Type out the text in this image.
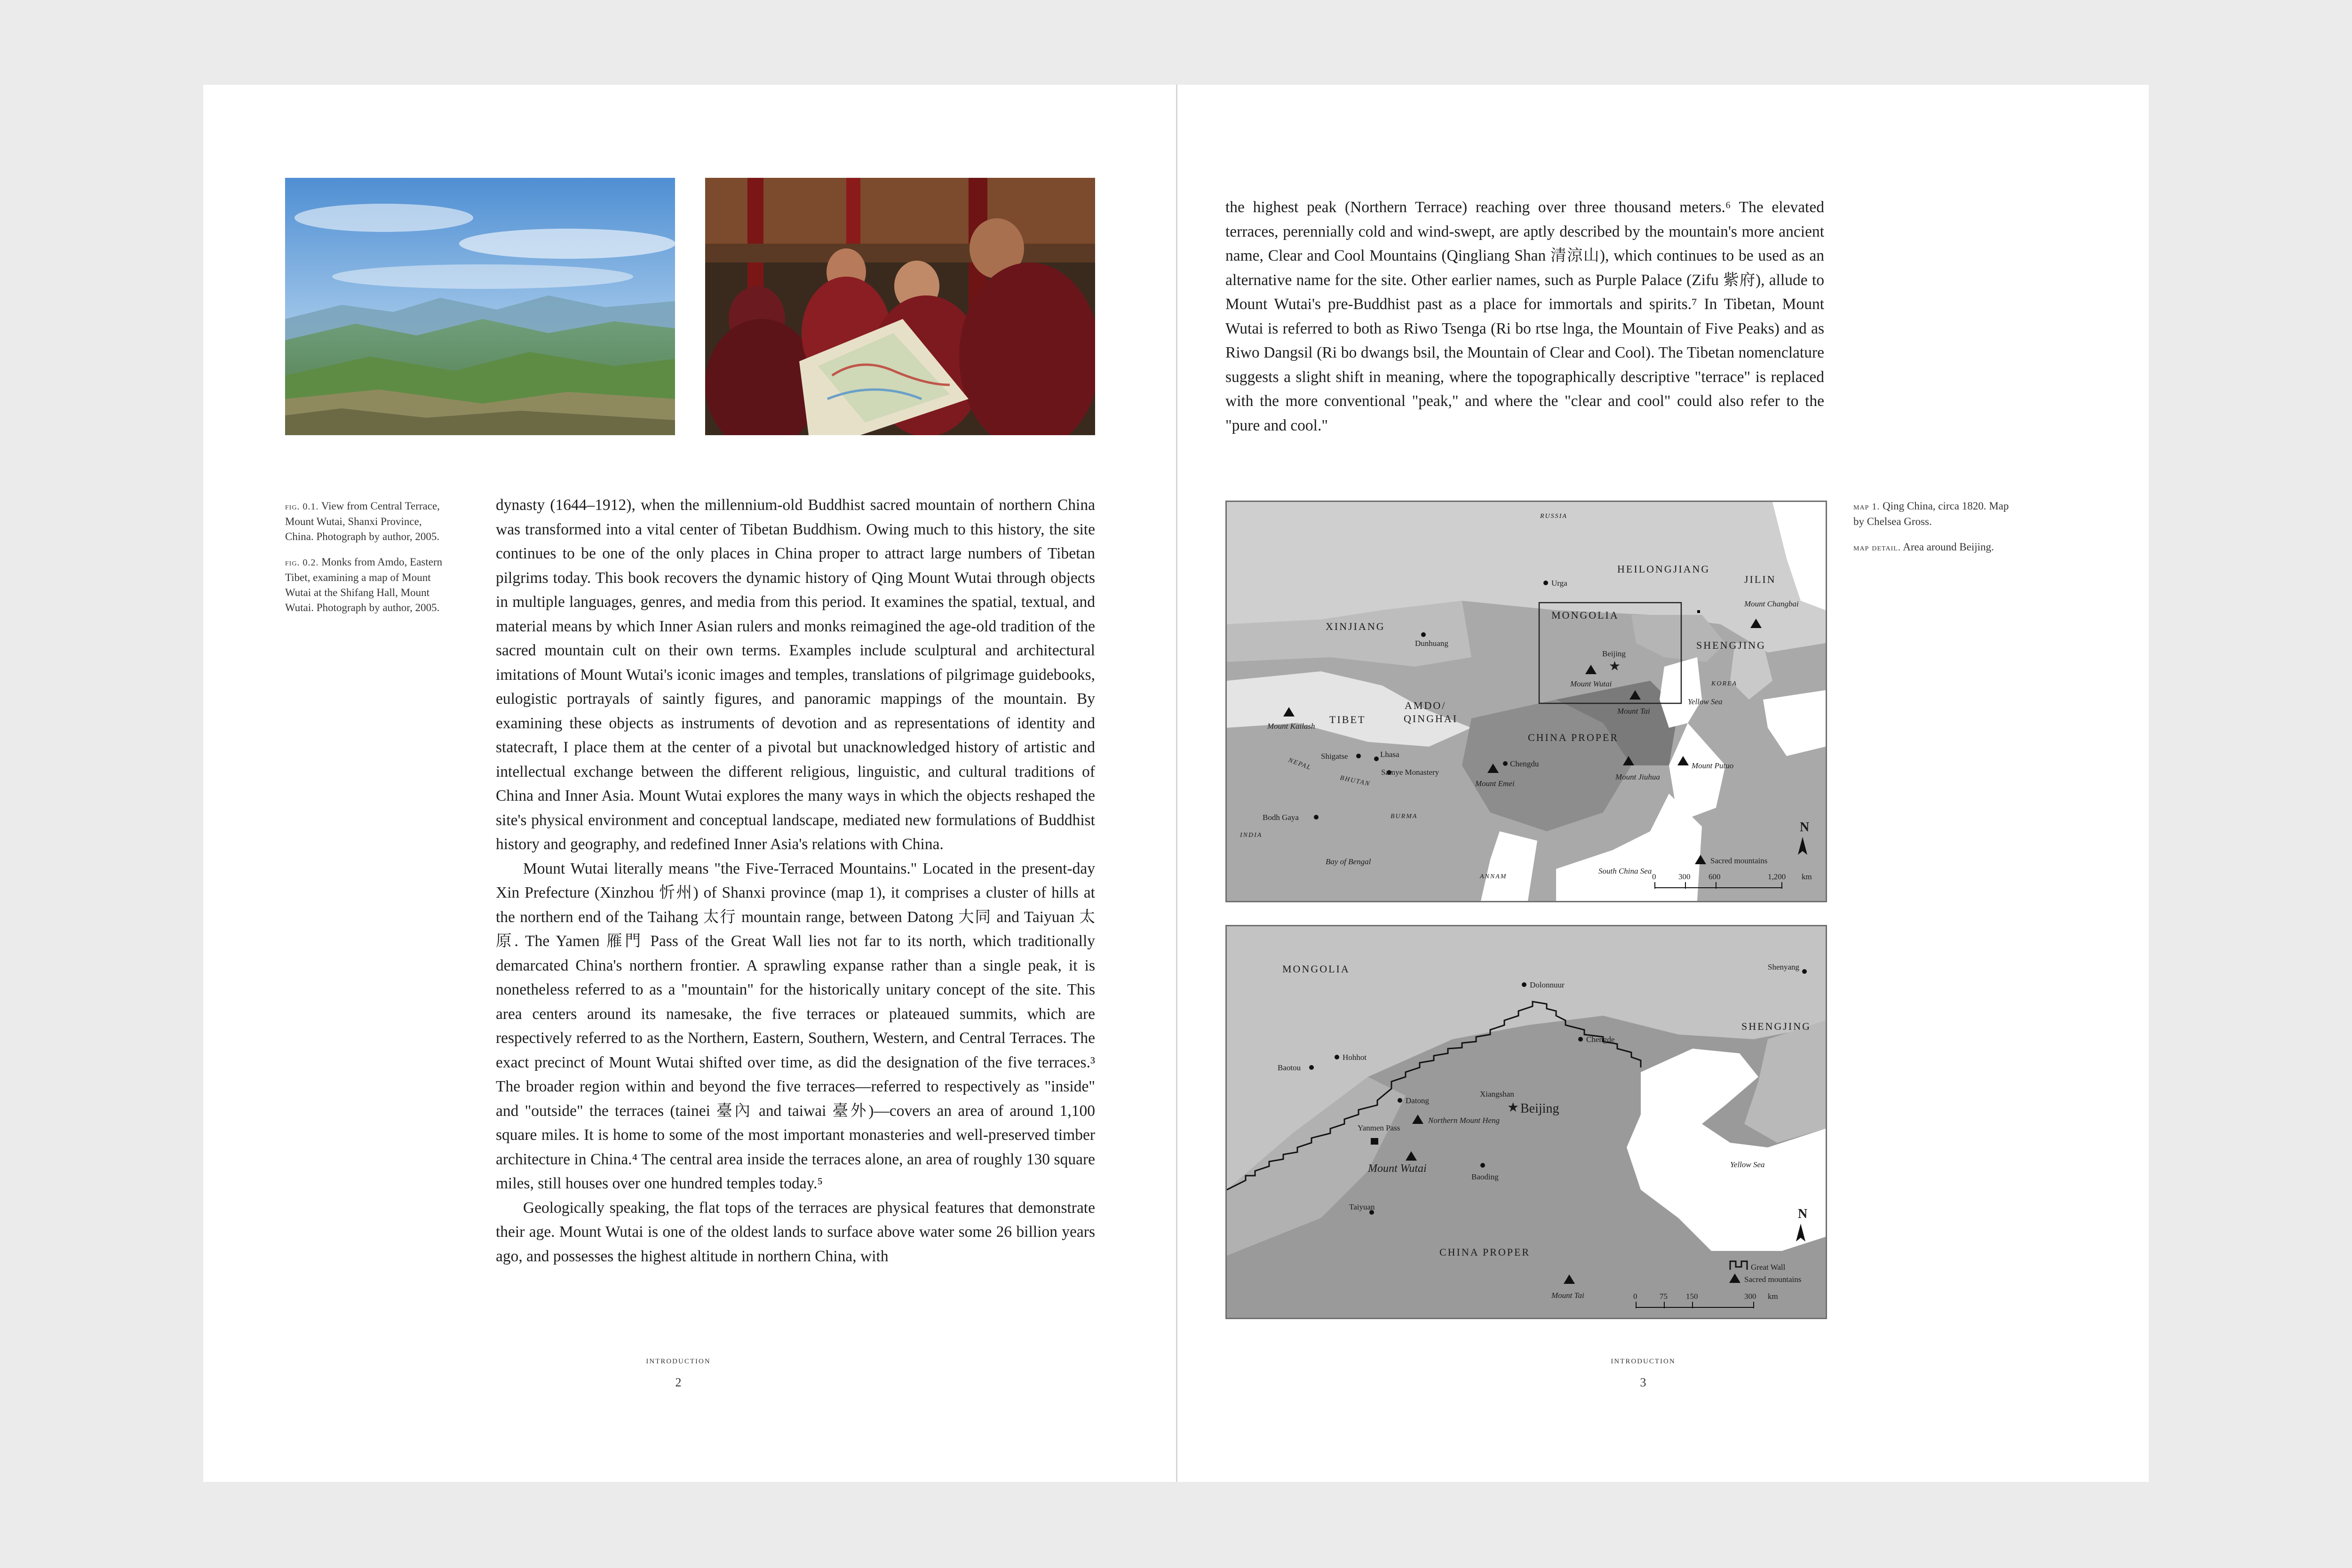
fig. 0.1. View from Central Terrace, Mount Wutai, Shanxi Province, China. Photograph by author, 2005.

fig. 0.2. Monks from Amdo, Eastern Tibet, examining a map of Mount Wutai at the Shifang Hall, Mount Wutai. Photograph by author, 2005.

dynasty (1644–1912), when the millennium-old Buddhist sacred mountain of northern China was transformed into a vital center of Tibetan Buddhism. Owing much to this history, the site continues to be one of the only places in China proper to attract large numbers of Tibetan pilgrims today. This book recovers the dynamic history of Qing Mount Wutai through objects in multiple languages, genres, and media from this period. It examines the spatial, textual, and material means by which Inner Asian rulers and monks reimagined the age-old tradition of the sacred mountain cult on their own terms. Examples include sculptural and architectural imitations of Mount Wutai's iconic images and temples, translations of pilgrimage guidebooks, eulogistic portrayals of saintly figures, and panoramic mappings of the mountain. By examining these objects as instruments of devotion and as representations of identity and statecraft, I place them at the center of a pivotal but unacknowledged history of artistic and intellectual exchange between the different religious, linguistic, and cultural traditions of China and Inner Asia. Mount Wutai explores the many ways in which the objects reshaped the site's physical environment and conceptual landscape, mediated new formulations of Buddhist history and geography, and redefined Inner Asia's relations with China.

Mount Wutai literally means "the Five-Terraced Mountains." Located in the present-day Xin Prefecture (Xinzhou 忻州) of Shanxi province (map 1), it comprises a cluster of hills at the northern end of the Taihang 太行 mountain range, between Datong 大同 and Taiyuan 太原. The Yamen 雁門 Pass of the Great Wall lies not far to its north, which traditionally demarcated China's northern frontier. A sprawling expanse rather than a single peak, it is nonetheless referred to as a "mountain" for the historically unitary concept of the site. This area centers around its namesake, the five terraces or plateaued summits, which are respectively referred to as the Northern, Eastern, Southern, Western, and Central Terraces. The exact precinct of Mount Wutai shifted over time, as did the designation of the five terraces.³ The broader region within and beyond the five terraces—referred to respectively as "inside" and "outside" the terraces (tainei 臺內 and taiwai 臺外)—covers an area of around 1,100 square miles. It is home to some of the most important monasteries and well-preserved timber architecture in China.⁴ The central area inside the terraces alone, an area of roughly 130 square miles, still houses over one hundred temples today.⁵

Geologically speaking, the flat tops of the terraces are physical features that demonstrate their age. Mount Wutai is one of the oldest lands to surface above water some 26 billion years ago, and possesses the highest altitude in northern China, with

introduction
2

the highest peak (Northern Terrace) reaching over three thousand meters.⁶ The elevated terraces, perennially cold and wind-swept, are aptly described by the mountain's more ancient name, Clear and Cool Mountains (Qingliang Shan 清涼山), which continues to be used as an alternative name for the site. Other earlier names, such as Purple Palace (Zifu 紫府), allude to Mount Wutai's pre-Buddhist past as a place for immortals and spirits.⁷ In Tibetan, Mount Wutai is referred to both as Riwo Tsenga (Ri bo rtse lnga, the Mountain of Five Peaks) and as Riwo Dangsil (Ri bo dwangs bsil, the Mountain of Clear and Cool). The Tibetan nomenclature suggests a slight shift in meaning, where the topographically descriptive "terrace" is replaced with the more conventional "peak," and where the "clear and cool" could also refer to the "pure and cool."

map 1. Qing China, circa 1820. Map by Chelsea Gross.

map detail. Area around Beijing.

RUSSIA
HEILONGJIANG
JILIN
XINJIANG
MONGOLIA
SHENGJING
KOREA
TIBET
AMDO/
QINGHAI
CHINA PROPER
NEPAL
BHUTAN
BURMA
INDIA
ANNAM
Urga
Dunhuang
Beijing
Shigatse	Lhasa
Samye Monastery
Chengdu
Bodh Gaya
Mount Changbai
Mount Wutai
★
Mount Tai
Mount Kailash
Mount Emei
Mount Jiuhua
Mount Putuo
Yellow Sea
Bay of Bengal
South China Sea
N
Sacred mountains
0	300 600	1,200 km
MONGOLIA
SHENGJING
CHINA PROPER
Dolonnuur
Shenyang
Chengde
Hohhot
Baotou
Xiangshan
★ Beijing
Datong
Baoding
Taiyuan
Yanmen Pass
Northern Mount Heng
Mount Wutai
Mount Tai
Yellow Sea
N
Great Wall
Sacred mountains
0	75 150	300 km
introduction
3
